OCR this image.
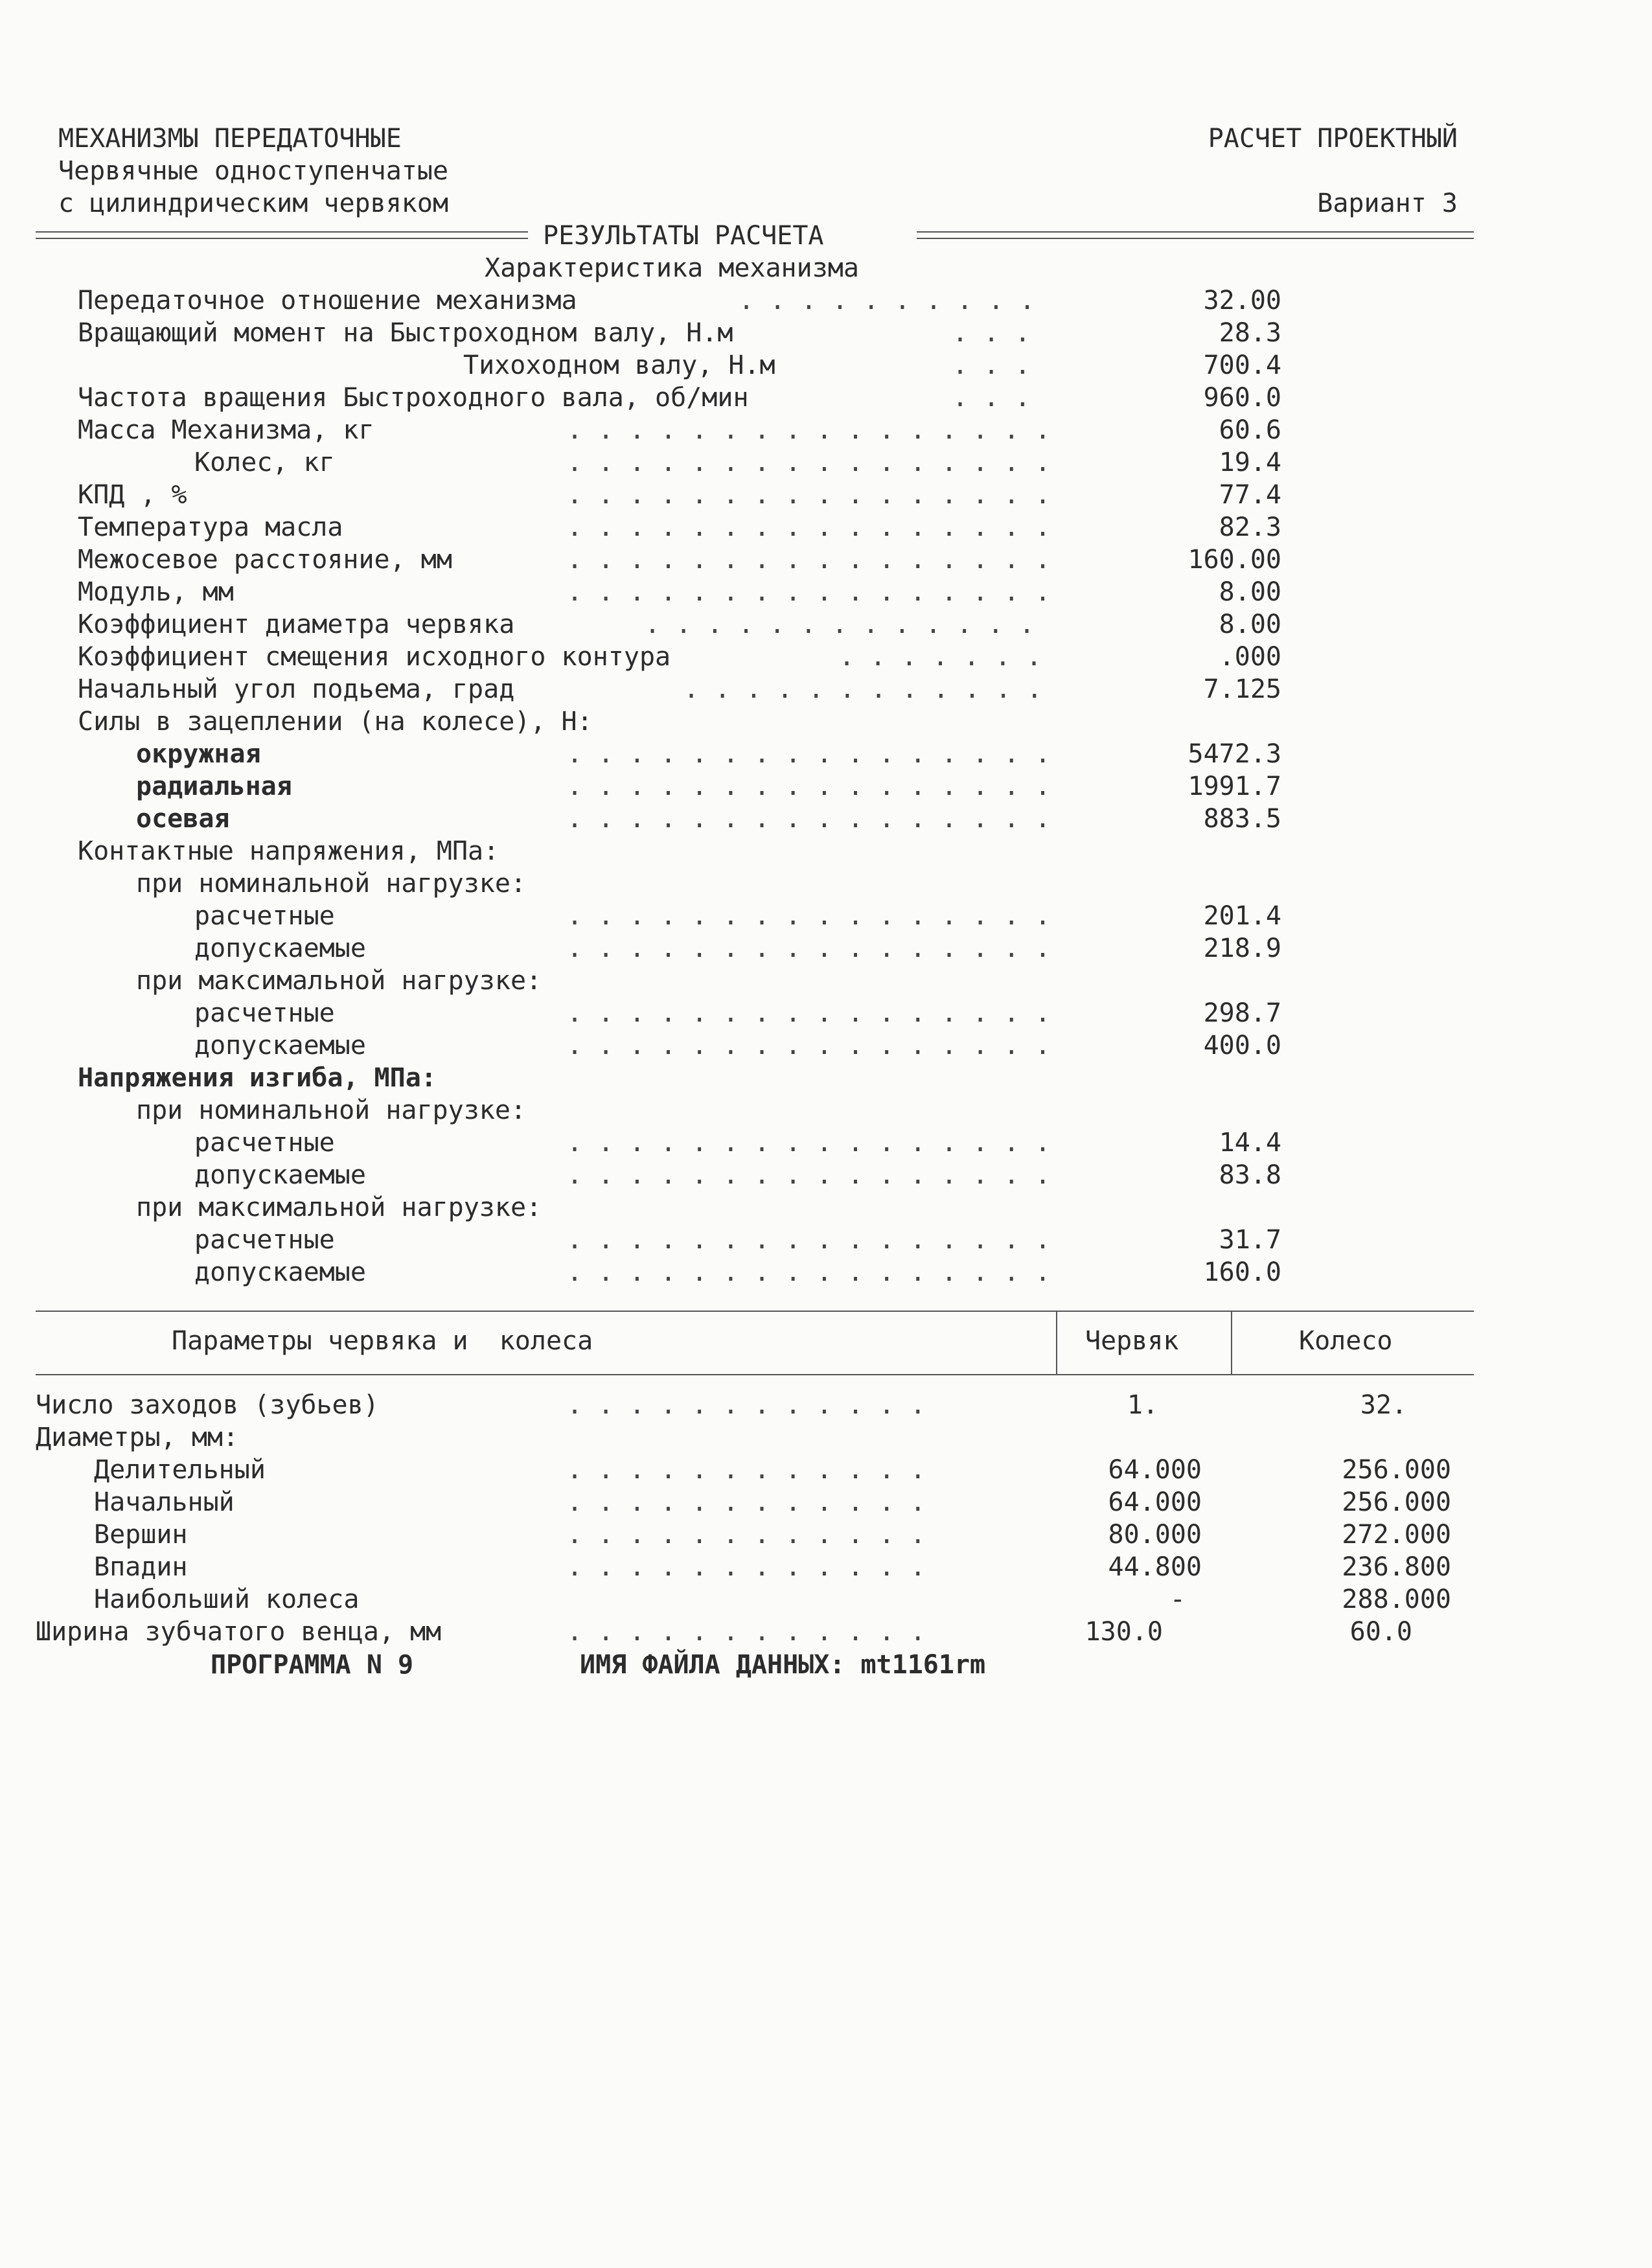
МЕХАНИЗМЫ ПЕРЕДАТОЧНЫЕ
Червячные одноступенчатые
с цилиндрическим червяком
РАСЧЕТ ПРОЕКТНЫЙ
Вариант 3
РЕЗУЛЬТАТЫ РАСЧЕТА
Характеристика механизма
Передаточное отношение механизма	. . . . . . . . . .	32.00
Вращающий момент на Быстроходном валу, Н.м	. . .	28.3
Тихоходном валу, Н.м	. . .	700.4
Частота вращения Быстроходного вала, об/мин	. . .	960.0
Масса Механизма, кг	. . . . . . . . . . . . . . . .	60.6
Колес, кг	. . . . . . . . . . . . . . . .	19.4
КПД , %	. . . . . . . . . . . . . . . .	77.4
Температура масла	. . . . . . . . . . . . . . . .	82.3
Межосевое расстояние, мм	. . . . . . . . . . . . . . . .	160.00
Модуль, мм	. . . . . . . . . . . . . . . .	8.00
Коэффициент диаметра червяка	. . . . . . . . . . . . .	8.00
Коэффициент смещения исходного контура	. . . . . . .	.000
Начальный угол подьема, град	. . . . . . . . . . . .	7.125
Силы в зацеплении (на колесе), Н:
окружная	. . . . . . . . . . . . . . . .	5472.3
радиальная	. . . . . . . . . . . . . . . .	1991.7
осевая	. . . . . . . . . . . . . . . .	883.5
Контактные напряжения, МПа:
при номинальной нагрузке:
расчетные	. . . . . . . . . . . . . . . .	201.4
допускаемые	. . . . . . . . . . . . . . . .	218.9
при максимальной нагрузке:
расчетные	. . . . . . . . . . . . . . . .	298.7
допускаемые	. . . . . . . . . . . . . . . .	400.0
Напряжения изгиба, МПа:
при номинальной нагрузке:
расчетные	. . . . . . . . . . . . . . . .	14.4
допускаемые	. . . . . . . . . . . . . . . .	83.8
при максимальной нагрузке:
расчетные	. . . . . . . . . . . . . . . .	31.7
допускаемые	. . . . . . . . . . . . . . . .	160.0
Параметры червяка и  колеса	Червяк	Колесо
Число заходов (зубьев)	. . . . . . . . . . . .	1.	32.
Диаметры, мм:
Делительный	. . . . . . . . . . . .	64.000	256.000
Начальный	. . . . . . . . . . . .	64.000	256.000
Вершин	. . . . . . . . . . . .	80.000	272.000
Впадин	. . . . . . . . . . . .	44.800	236.800
Наибольший колеса	-	288.000
Ширина зубчатого венца, мм	. . . . . . . . . . . .	130.0	60.0
ПРОГРАММА N 9	ИМЯ ФАЙЛА ДАННЫХ: mt1161rm
